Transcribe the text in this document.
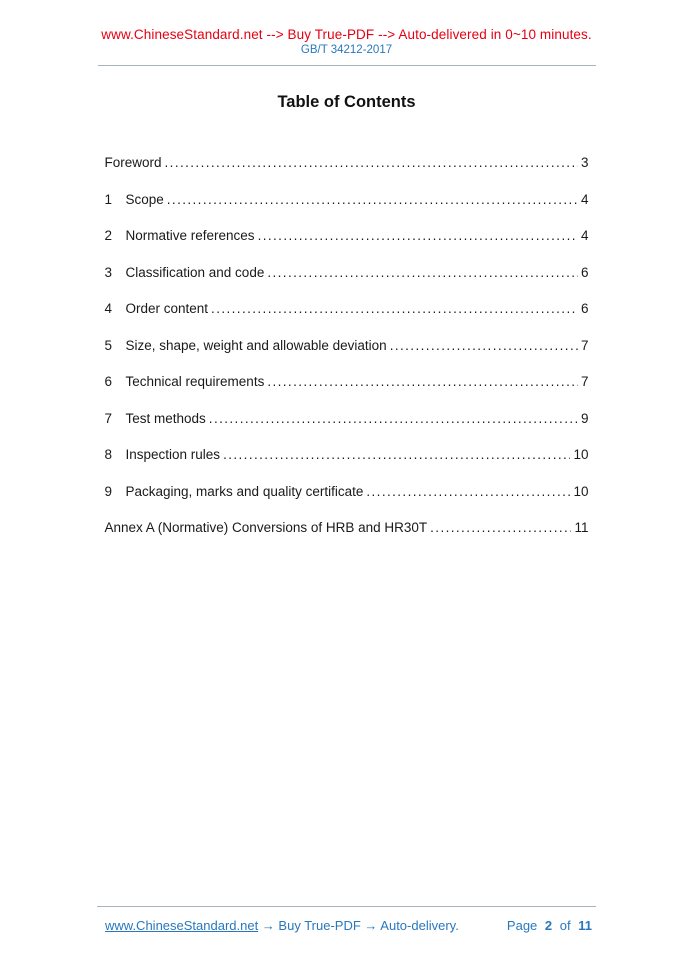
www.ChineseStandard.net --> Buy True-PDF --> Auto-delivered in 0~10 minutes.
GB/T 34212-2017
Table of Contents
Foreword .....	3
1 Scope .....	4
2 Normative references .....	4
3 Classification and code .....	6
4 Order content .....	6
5 Size, shape, weight and allowable deviation .....	7
6 Technical requirements .....	7
7 Test methods .....	9
8 Inspection rules .....	10
9 Packaging, marks and quality certificate .....	10
Annex A (Normative) Conversions of HRB and HR30T .....	11
www.ChineseStandard.net → Buy True-PDF → Auto-delivery.	Page 2 of 11
